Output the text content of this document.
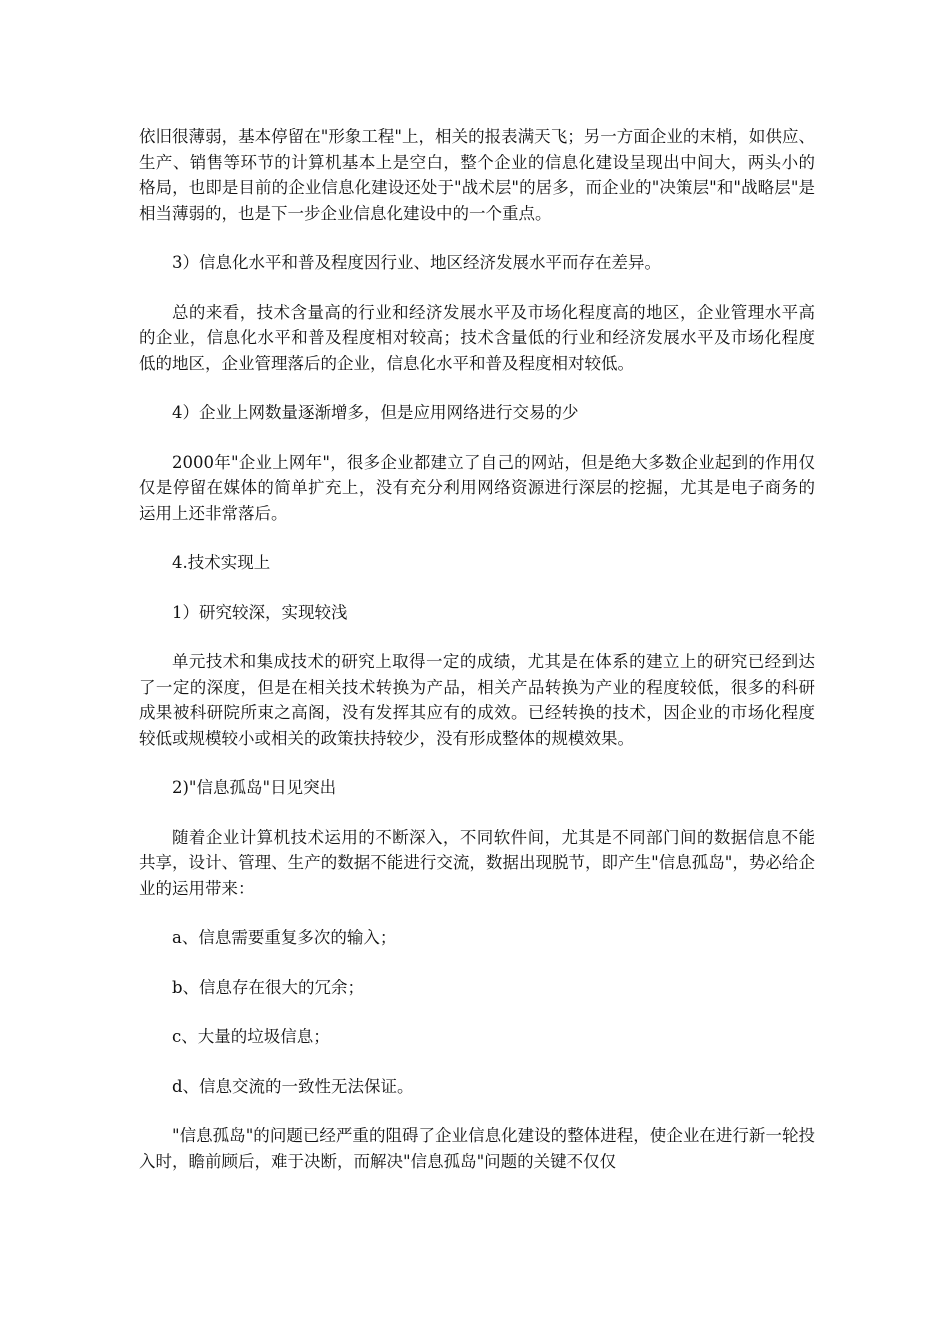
依旧很薄弱，基本停留在"形象工程"上，相关的报表满天飞；另一方面企业的末梢，如供应、生产、销售等环节的计算机基本上是空白，整个企业的信息化建设呈现出中间大，两头小的格局，也即是目前的企业信息化建设还处于"战术层"的居多，而企业的"决策层"和"战略层"是相当薄弱的，也是下一步企业信息化建设中的一个重点。

3）信息化水平和普及程度因行业、地区经济发展水平而存在差异。

总的来看，技术含量高的行业和经济发展水平及市场化程度高的地区，企业管理水平高的企业，信息化水平和普及程度相对较高；技术含量低的行业和经济发展水平及市场化程度低的地区，企业管理落后的企业，信息化水平和普及程度相对较低。

4）企业上网数量逐渐增多，但是应用网络进行交易的少

2000年"企业上网年"，很多企业都建立了自己的网站，但是绝大多数企业起到的作用仅仅是停留在媒体的简单扩充上，没有充分利用网络资源进行深层的挖掘，尤其是电子商务的运用上还非常落后。

4.技术实现上

1）研究较深，实现较浅

单元技术和集成技术的研究上取得一定的成绩，尤其是在体系的建立上的研究已经到达了一定的深度，但是在相关技术转换为产品，相关产品转换为产业的程度较低，很多的科研成果被科研院所束之高阁，没有发挥其应有的成效。已经转换的技术，因企业的市场化程度较低或规模较小或相关的政策扶持较少，没有形成整体的规模效果。

2)"信息孤岛"日见突出

随着企业计算机技术运用的不断深入，不同软件间，尤其是不同部门间的数据信息不能共享，设计、管理、生产的数据不能进行交流，数据出现脱节，即产生"信息孤岛"，势必给企业的运用带来：

a、信息需要重复多次的输入；

b、信息存在很大的冗余；

c、大量的垃圾信息；

d、信息交流的一致性无法保证。

"信息孤岛"的问题已经严重的阻碍了企业信息化建设的整体进程，使企业在进行新一轮投入时，瞻前顾后，难于决断，而解决"信息孤岛"问题的关键不仅仅
